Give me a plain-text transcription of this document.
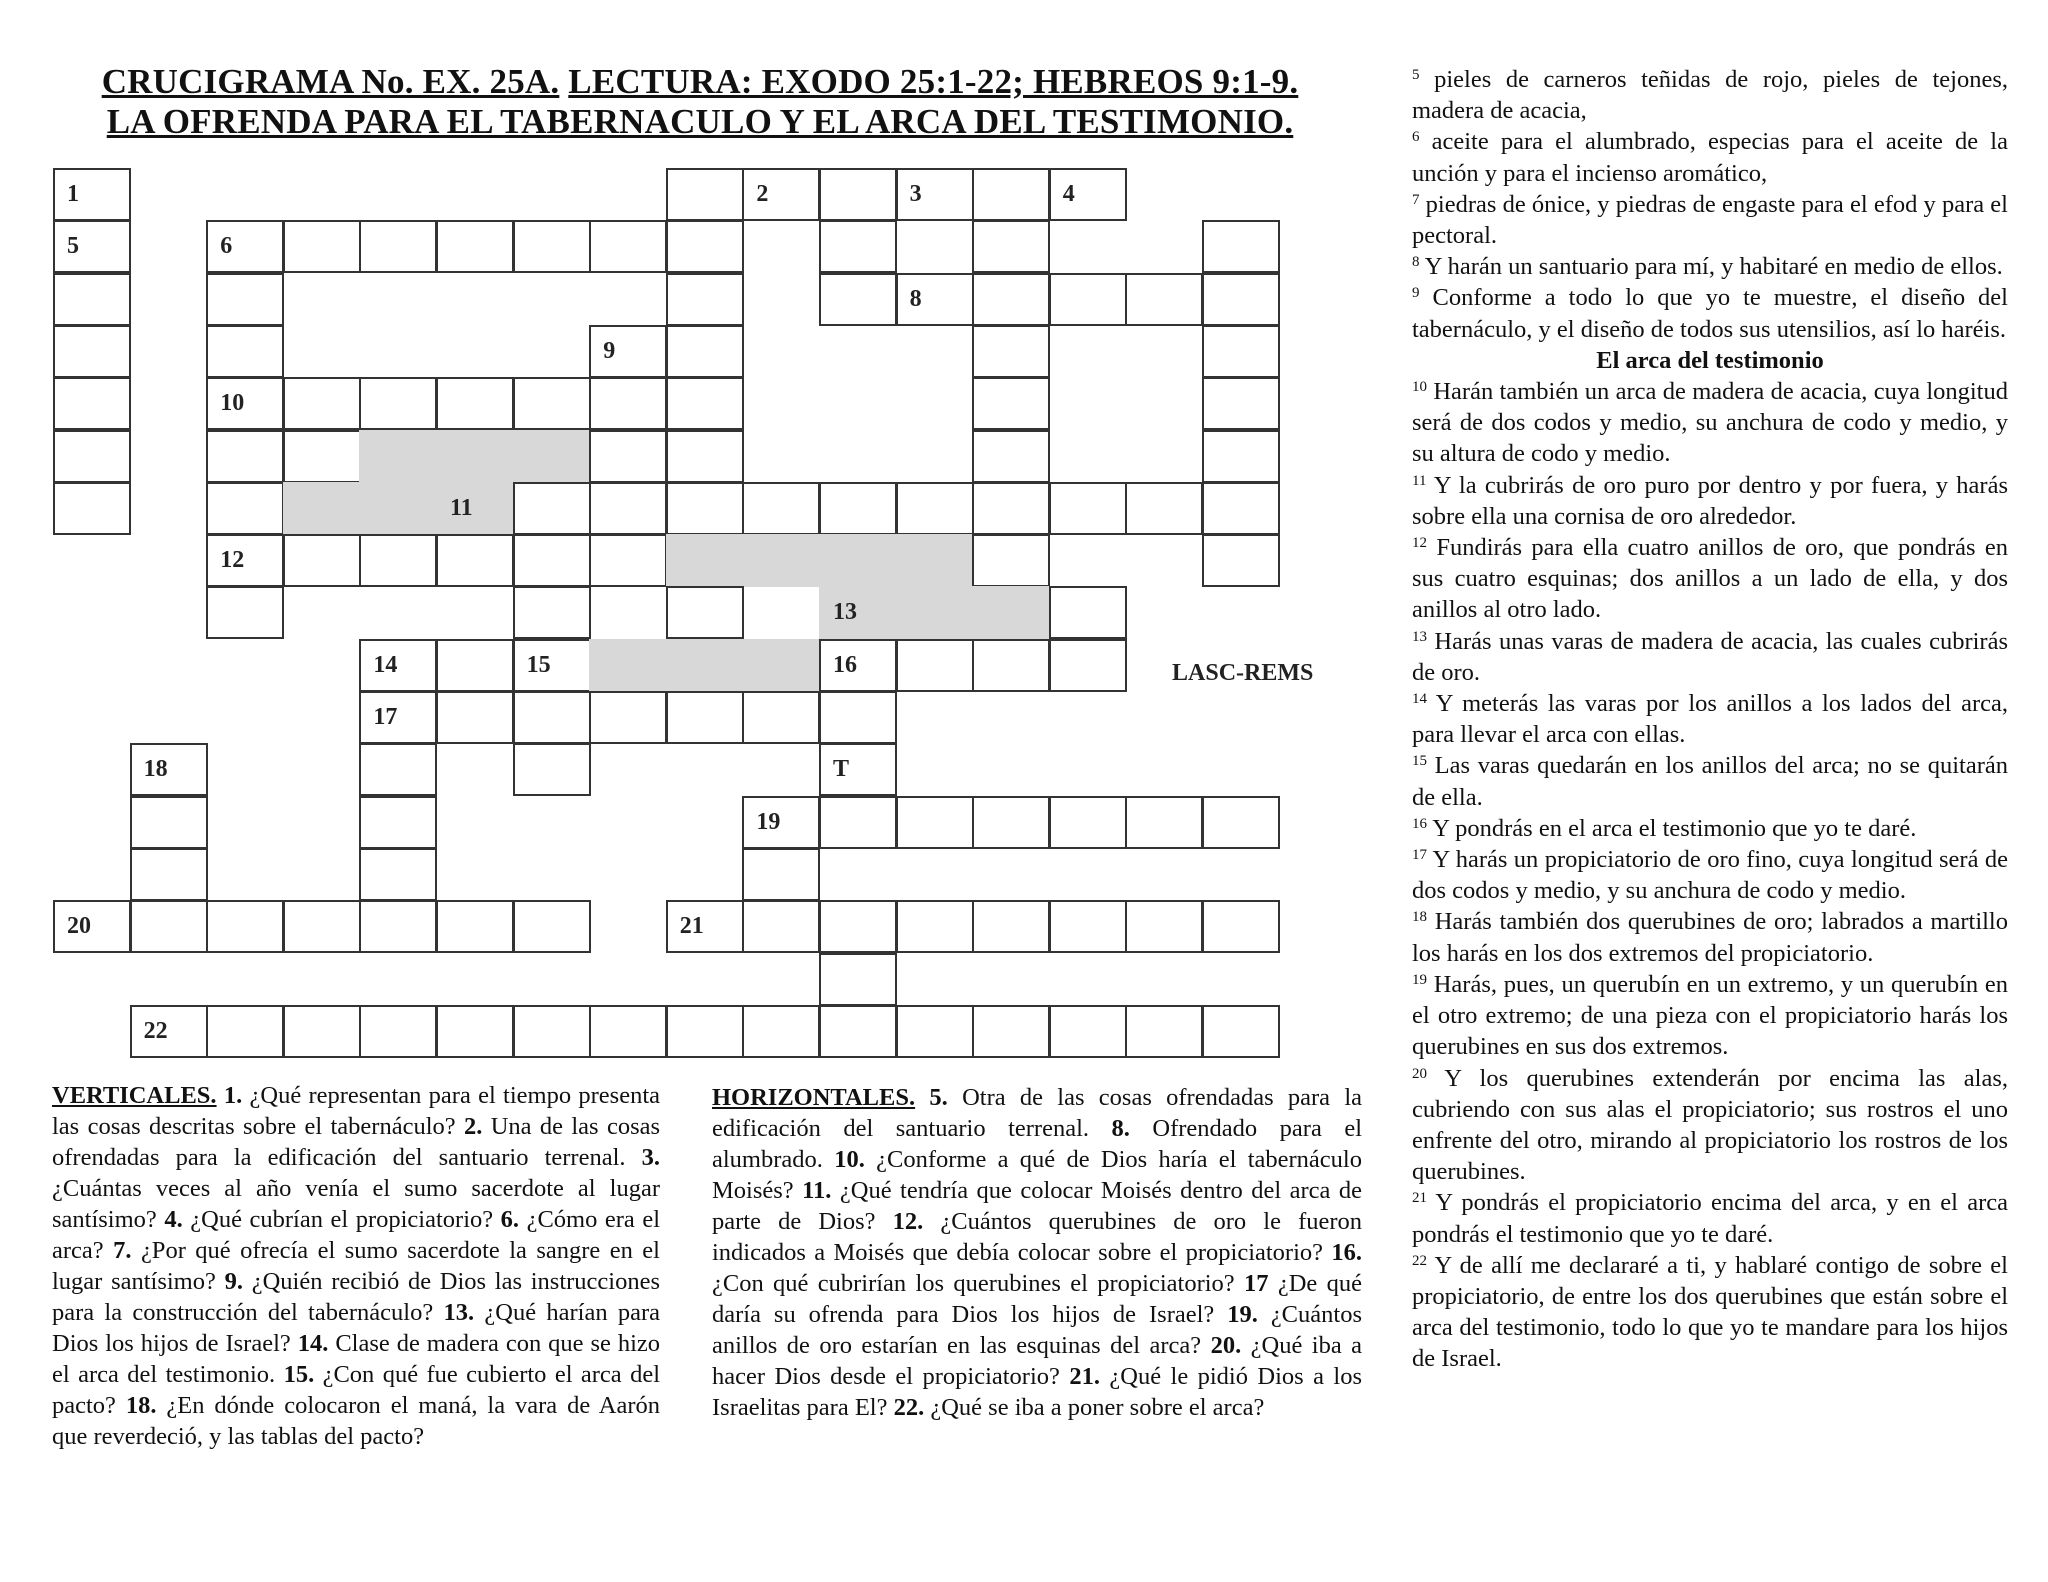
CRUCIGRAMA No. EX. 25A. LECTURA: EXODO 25:1-22; HEBREOS 9:1-9.
LA OFRENDA PARA EL TABERNACULO Y EL ARCA DEL TESTIMONIO.
1	2	3	4
5	6
8
9
10
11
12
13
14	15	16
17
18	T
19
20	21
22
LASC-REMS
VERTICALES. 1. ¿Qué representan para el tiempo presenta las cosas descritas sobre el tabernáculo? 2. Una de las cosas ofrendadas para la edificación del santuario terrenal. 3. ¿Cuántas veces al año venía el sumo sacerdote al lugar santísimo? 4. ¿Qué cubrían el propiciatorio? 6. ¿Cómo era el arca? 7. ¿Por qué ofrecía el sumo sacerdote la sangre en el lugar santísimo? 9. ¿Quién recibió de Dios las instrucciones para la construcción del tabernáculo? 13. ¿Qué harían para Dios los hijos de Israel? 14. Clase de madera con que se hizo el arca del testimonio. 15. ¿Con qué fue cubierto el arca del pacto? 18. ¿En dónde colocaron el maná, la vara de Aarón que reverdeció, y las tablas del pacto?
HORIZONTALES. 5. Otra de las cosas ofrendadas para la edificación del santuario terrenal. 8. Ofrendado para el alumbrado. 10. ¿Conforme a qué de Dios haría el tabernáculo Moisés? 11. ¿Qué tendría que colocar Moisés dentro del arca de parte de Dios? 12. ¿Cuántos querubines de oro le fueron indicados a Moisés que debía colocar sobre el propiciatorio? 16. ¿Con qué cubrirían los querubines el propiciatorio? 17 ¿De qué daría su ofrenda para Dios los hijos de Israel? 19. ¿Cuántos anillos de oro estarían en las esquinas del arca? 20. ¿Qué iba a hacer Dios desde el propiciatorio? 21. ¿Qué le pidió Dios a los Israelitas para El? 22. ¿Qué se iba a poner sobre el arca?

$^5$ pieles de carneros teñidas de rojo, pieles de tejones, madera de acacia,

$^6$ aceite para el alumbrado, especias para el aceite de la unción y para el incienso aromático,

$^7$ piedras de ónice, y piedras de engaste para el efod y para el pectoral.

$^8$ Y harán un santuario para mí, y habitaré en medio de ellos.

$^9$ Conforme a todo lo que yo te muestre, el diseño del tabernáculo, y el diseño de todos sus utensilios, así lo haréis.

El arca del testimonio

$^{10}$ Harán también un arca de madera de acacia, cuya longitud será de dos codos y medio, su anchura de codo y medio, y su altura de codo y medio.

$^{11}$ Y la cubrirás de oro puro por dentro y por fuera, y harás sobre ella una cornisa de oro alrededor.

$^{12}$ Fundirás para ella cuatro anillos de oro, que pondrás en sus cuatro esquinas; dos anillos a un lado de ella, y dos anillos al otro lado.

$^{13}$ Harás unas varas de madera de acacia, las cuales cubrirás de oro.

$^{14}$ Y meterás las varas por los anillos a los lados del arca, para llevar el arca con ellas.

$^{15}$ Las varas quedarán en los anillos del arca; no se quitarán de ella.

$^{16}$ Y pondrás en el arca el testimonio que yo te daré.

$^{17}$ Y harás un propiciatorio de oro fino, cuya longitud será de dos codos y medio, y su anchura de codo y medio.

$^{18}$ Harás también dos querubines de oro; labrados a martillo los harás en los dos extremos del propiciatorio.

$^{19}$ Harás, pues, un querubín en un extremo, y un querubín en el otro extremo; de una pieza con el propiciatorio harás los querubines en sus dos extremos.

$^{20}$ Y los querubines extenderán por encima las alas, cubriendo con sus alas el propiciatorio; sus rostros el uno enfrente del otro, mirando al propiciatorio los rostros de los querubines.

$^{21}$ Y pondrás el propiciatorio encima del arca, y en el arca pondrás el testimonio que yo te daré.

$^{22}$ Y de allí me declararé a ti, y hablaré contigo de sobre el propiciatorio, de entre los dos querubines que están sobre el arca del testimonio, todo lo que yo te mandare para los hijos de Israel.
